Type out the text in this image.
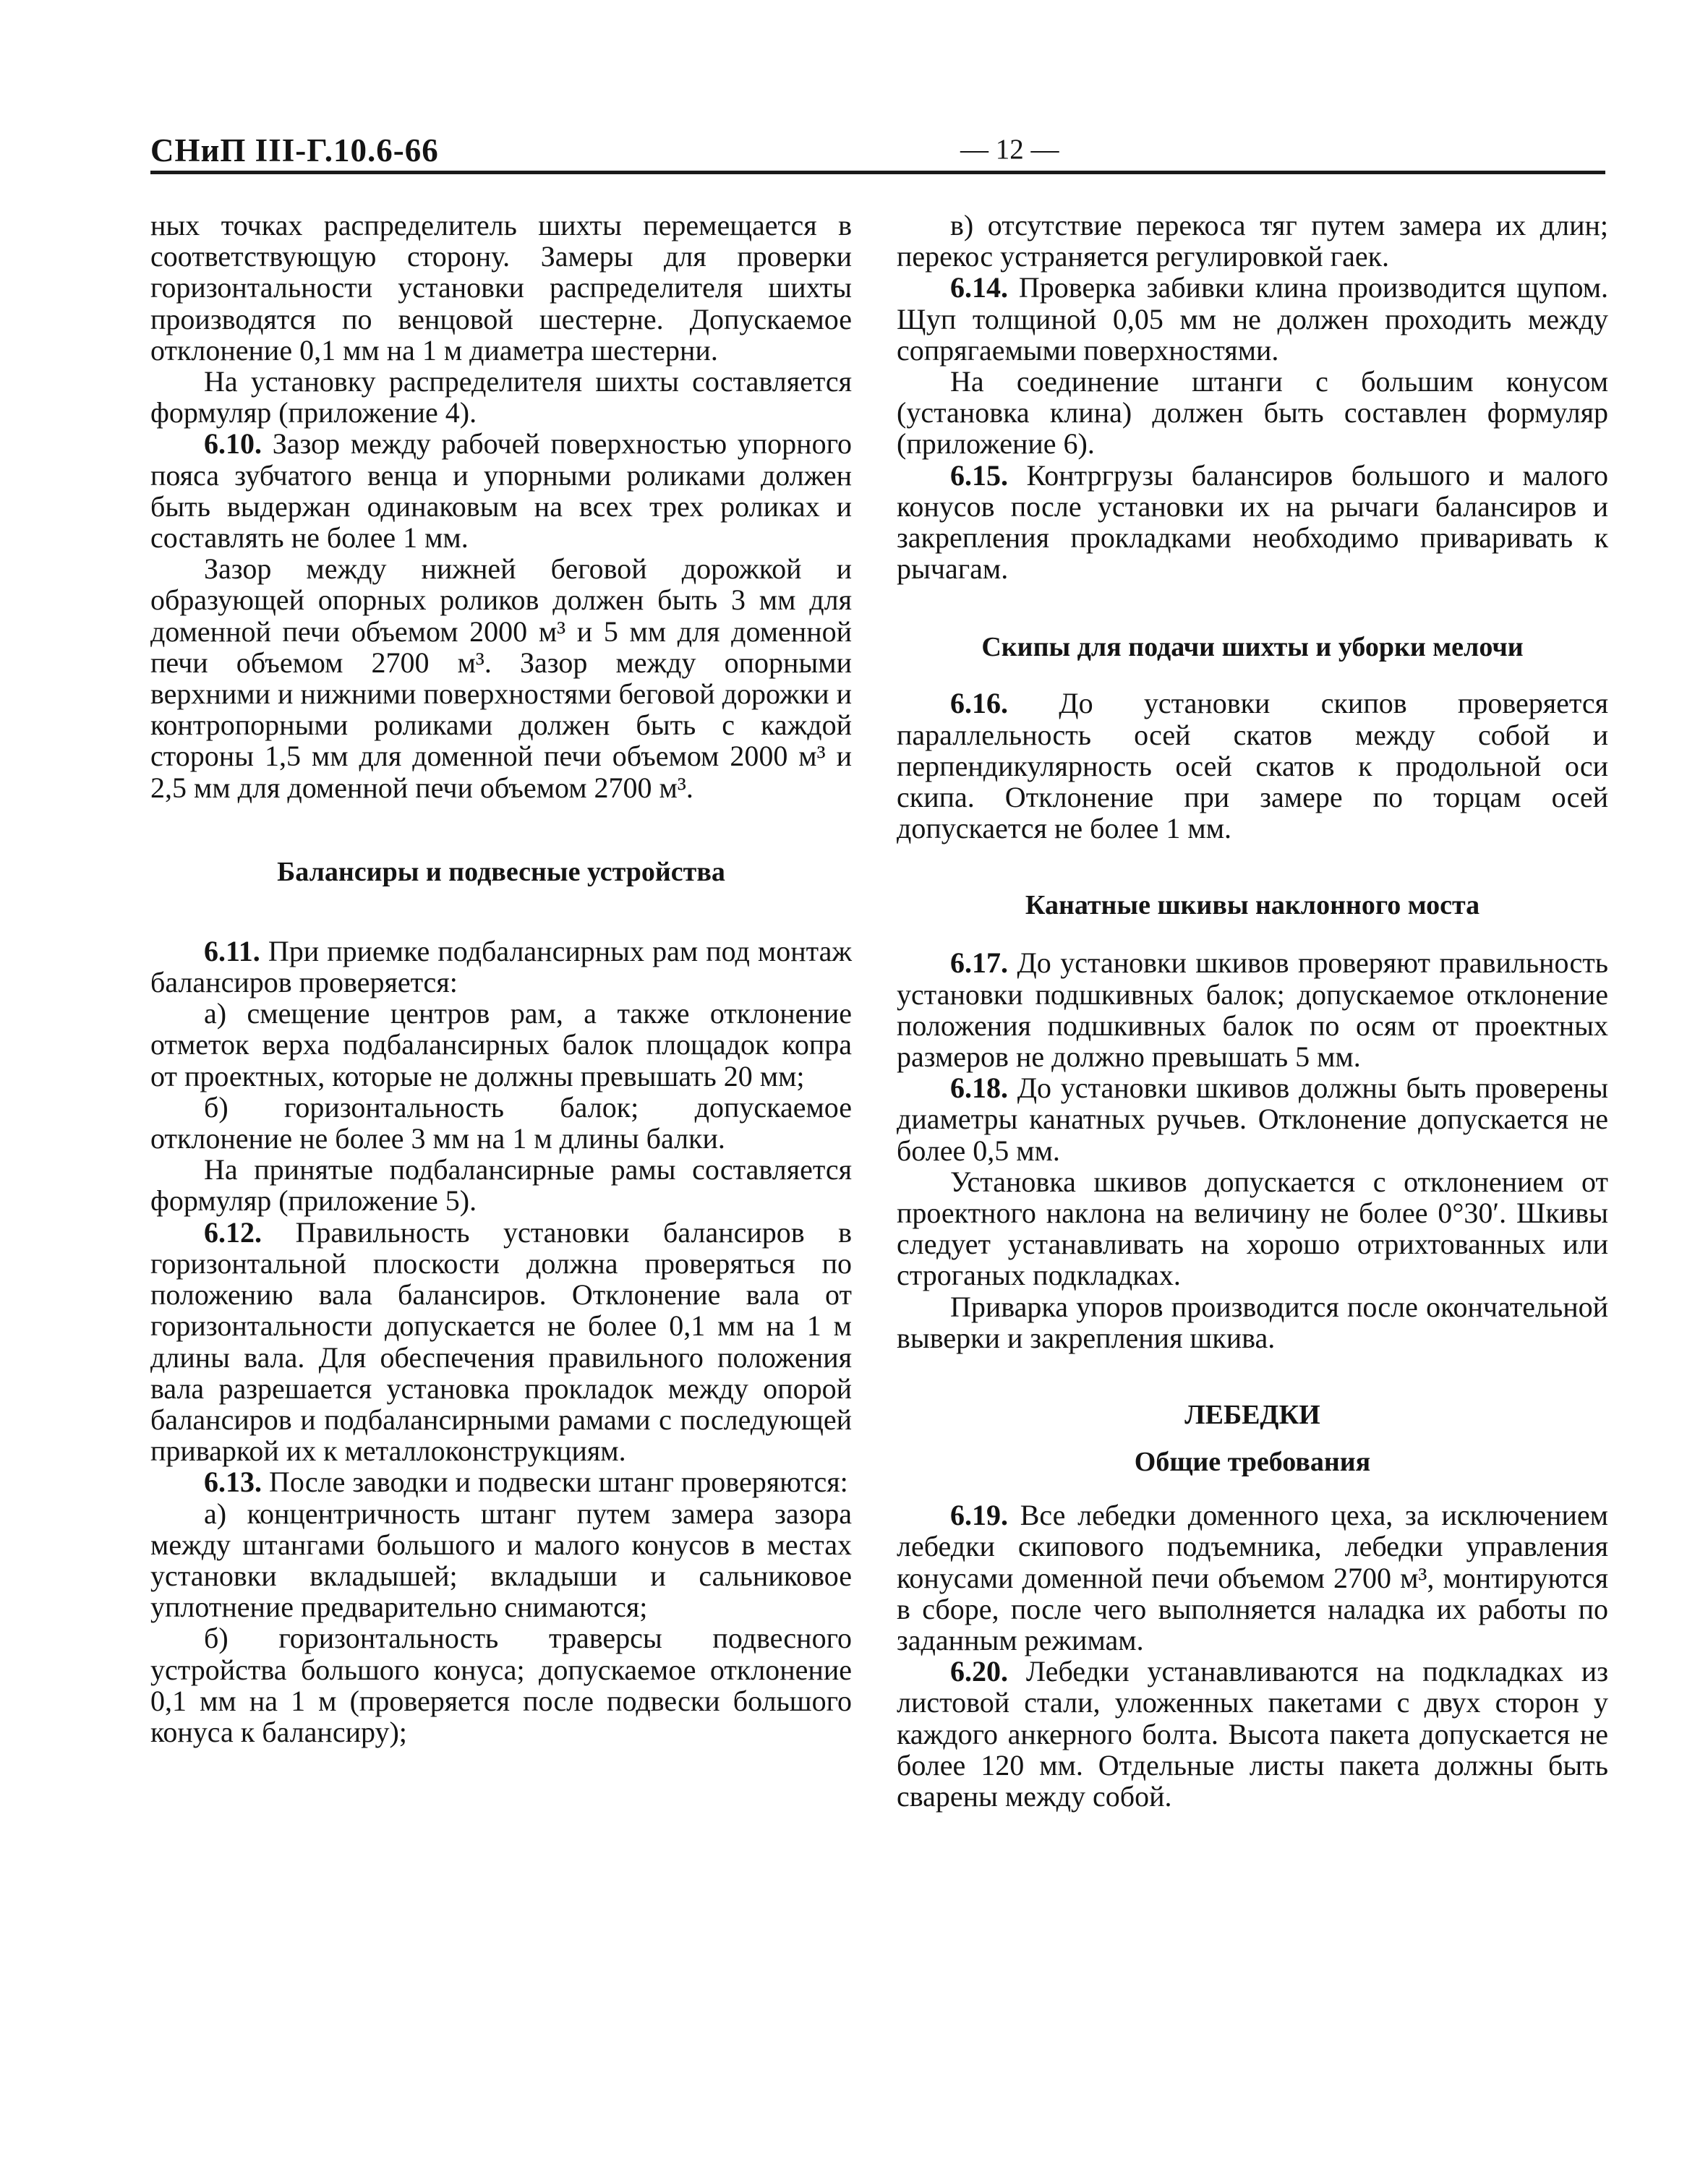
СНиП III-Г.10.6-66	— 12 —

ных точках распределитель шихты перемещается в соответствующую сторону. Замеры для проверки горизонтальности установки распределителя шихты производятся по венцовой шестерне. Допускаемое отклонение 0,1 мм на 1 м диаметра шестерни.

На установку распределителя шихты составляется формуляр (приложение 4).

6.10. Зазор между рабочей поверхностью упорного пояса зубчатого венца и упорными роликами должен быть выдержан одинаковым на всех трех роликах и составлять не более 1 мм.

Зазор между нижней беговой дорожкой и образующей опорных роликов должен быть 3 мм для доменной печи объемом 2000 м³ и 5 мм для доменной печи объемом 2700 м³. Зазор между опорными верхними и нижними поверхностями беговой дорожки и контропорными роликами должен быть с каждой стороны 1,5 мм для доменной печи объемом 2000 м³ и 2,5 мм для доменной печи объемом 2700 м³.

Балансиры и подвесные устройства

6.11. При приемке подбалансирных рам под монтаж балансиров проверяется:

а) смещение центров рам, а также отклонение отметок верха подбалансирных балок площадок копра от проектных, которые не должны превышать 20 мм;

б) горизонтальность балок; допускаемое отклонение не более 3 мм на 1 м длины балки.

На принятые подбалансирные рамы составляется формуляр (приложение 5).

6.12. Правильность установки балансиров в горизонтальной плоскости должна проверяться по положению вала балансиров. Отклонение вала от горизонтальности допускается не более 0,1 мм на 1 м длины вала. Для обеспечения правильного положения вала разрешается установка прокладок между опорой балансиров и подбалансирными рамами с последующей приваркой их к металлоконструкциям.

6.13. После заводки и подвески штанг проверяются:

а) концентричность штанг путем замера зазора между штангами большого и малого конусов в местах установки вкладышей; вкладыши и сальниковое уплотнение предварительно снимаются;

б) горизонтальность траверсы подвесного устройства большого конуса; допускаемое отклонение 0,1 мм на 1 м (проверяется после подвески большого конуса к балансиру);

в) отсутствие перекоса тяг путем замера их длин; перекос устраняется регулировкой гаек.

6.14. Проверка забивки клина производится щупом. Щуп толщиной 0,05 мм не должен проходить между сопрягаемыми поверхностями.

На соединение штанги с большим конусом (установка клина) должен быть составлен формуляр (приложение 6).

6.15. Контргрузы балансиров большого и малого конусов после установки их на рычаги балансиров и закрепления прокладками необходимо приваривать к рычагам.

Скипы для подачи шихты и уборки мелочи

6.16. До установки скипов проверяется параллельность осей скатов между собой и перпендикулярность осей скатов к продольной оси скипа. Отклонение при замере по торцам осей допускается не более 1 мм.

Канатные шкивы наклонного моста

6.17. До установки шкивов проверяют правильность установки подшкивных балок; допускаемое отклонение положения подшкивных балок по осям от проектных размеров не должно превышать 5 мм.

6.18. До установки шкивов должны быть проверены диаметры канатных ручьев. Отклонение допускается не более 0,5 мм.

Установка шкивов допускается с отклонением от проектного наклона на величину не более 0°30′. Шкивы следует устанавливать на хорошо отрихтованных или строганых подкладках.

Приварка упоров производится после окончательной выверки и закрепления шкива.

ЛЕБЕДКИ

Общие требования

6.19. Все лебедки доменного цеха, за исключением лебедки скипового подъемника, лебедки управления конусами доменной печи объемом 2700 м³, монтируются в сборе, после чего выполняется наладка их работы по заданным режимам.

6.20. Лебедки устанавливаются на подкладках из листовой стали, уложенных пакетами с двух сторон у каждого анкерного болта. Высота пакета допускается не более 120 мм. Отдельные листы пакета должны быть сварены между собой.
